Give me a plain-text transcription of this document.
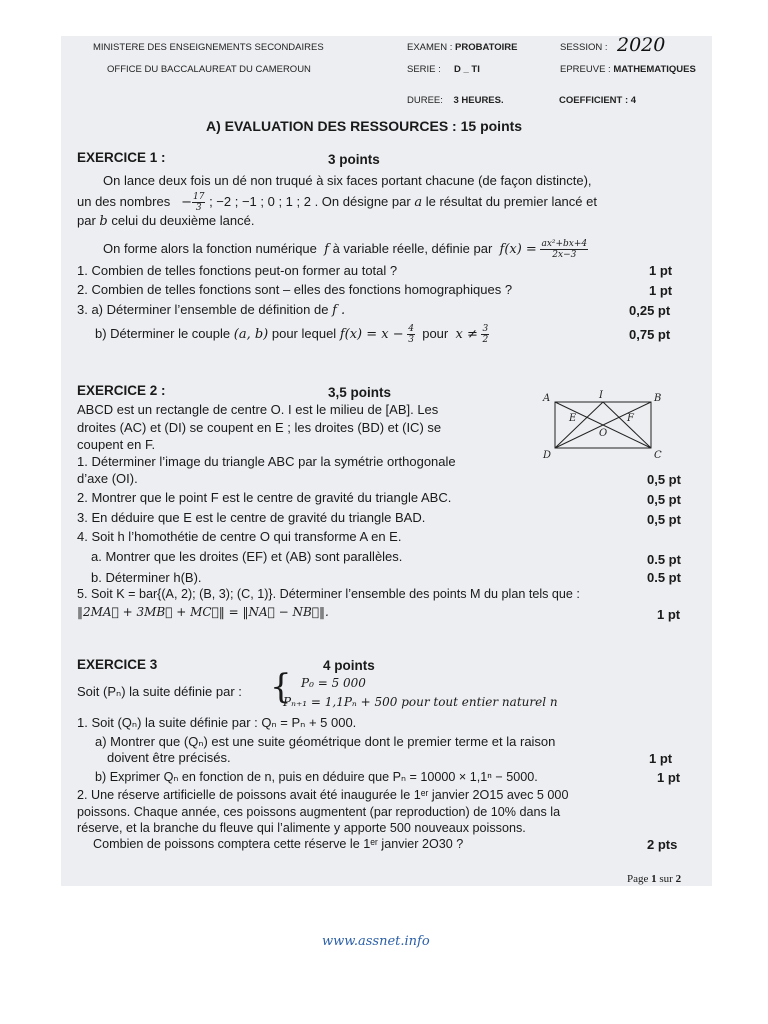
MINISTERE DES ENSEIGNEMENTS SECONDAIRES
OFFICE DU BACCALAUREAT DU CAMEROUN
EXAMEN : PROBATOIRE	SESSION : 2020
SERIE : D _ TI	EPREUVE : MATHEMATIQUES
DUREE: 3 HEURES.	COEFFICIENT : 4
A) EVALUATION DES RESSOURCES : 15 points
EXERCICE 1 :	3 points
On lance deux fois un dé non truqué à six faces portant chacune (de façon distincte),
un des nombres − $\frac{17}{3}$ ; −2 ; −1 ; 0 ; 1 ; 2 . On désigne par a le résultat du premier lancé et
par b celui du deuxième lancé.
On forme alors la fonction numérique f à variable réelle, définie par $f(x) = \frac{\text{ax²+bx+4}}{2x-3}$
1. Combien de telles fonctions peut-on former au total ?	1 pt
2. Combien de telles fonctions sont – elles des fonctions homographiques ?	1 pt
3. a) Déterminer l’ensemble de définition de f .	0,25 pt
b) Déterminer le couple (a, b) pour lequel $f(x) = x - \frac{4}{3}$ pour $x \ne \frac{3}{2}$	0,75 pt
EXERCICE 2 :	3,5 points
ABCD est un rectangle de centre O. I est le milieu de [AB]. Les
droites (AC) et (DI) se coupent en E ; les droites (BD) et (IC) se
coupent en F.
A	I	B
E	F
O
D	C
1. Déterminer l’image du triangle ABC par la symétrie orthogonale
d’axe (OI).	0,5 pt
2. Montrer que le point F est le centre de gravité du triangle ABC.	0,5 pt
3. En déduire que E est le centre de gravité du triangle BAD.	0,5 pt
4. Soit h l’homothétie de centre O qui transforme A en E.
a. Montrer que les droites (EF) et (AB) sont parallèles.	0.5 pt
b. Déterminer h(B).	0.5 pt
5. Soit K = bar{(A, 2); (B, 3); (C, 1)}. Déterminer l’ensemble des points M du plan tels que :
‖2MA⃗ + 3MB⃗ + MC⃗‖ = ‖NA⃗ − NB⃗‖.	1 pt
EXERCICE 3	4 points
Soit (Pₙ) la suite définie par : { P₀ = 5 000
Pₙ₊₁ = 1,1Pₙ + 500 pour tout entier naturel n
1. Soit (Qₙ) la suite définie par : Qₙ = Pₙ + 5 000.
a) Montrer que (Qₙ) est une suite géométrique dont le premier terme et la raison
doivent être précisés.	1 pt
b) Exprimer Qₙ en fonction de n, puis en déduire que Pₙ = 10000 × 1,1ⁿ − 5000.	1 pt
2. Une réserve artificielle de poissons avait été inaugurée le 1ᵉʳ janvier 2O15 avec 5 000
poissons. Chaque année, ces poissons augmentent (par reproduction) de 10% dans la
réserve, et la branche du fleuve qui l’alimente y apporte 500 nouveaux poissons.
Combien de poissons comptera cette réserve le 1ᵉʳ janvier 2O30 ?	2 pts
Page 1 sur 2
www.assnet.info
